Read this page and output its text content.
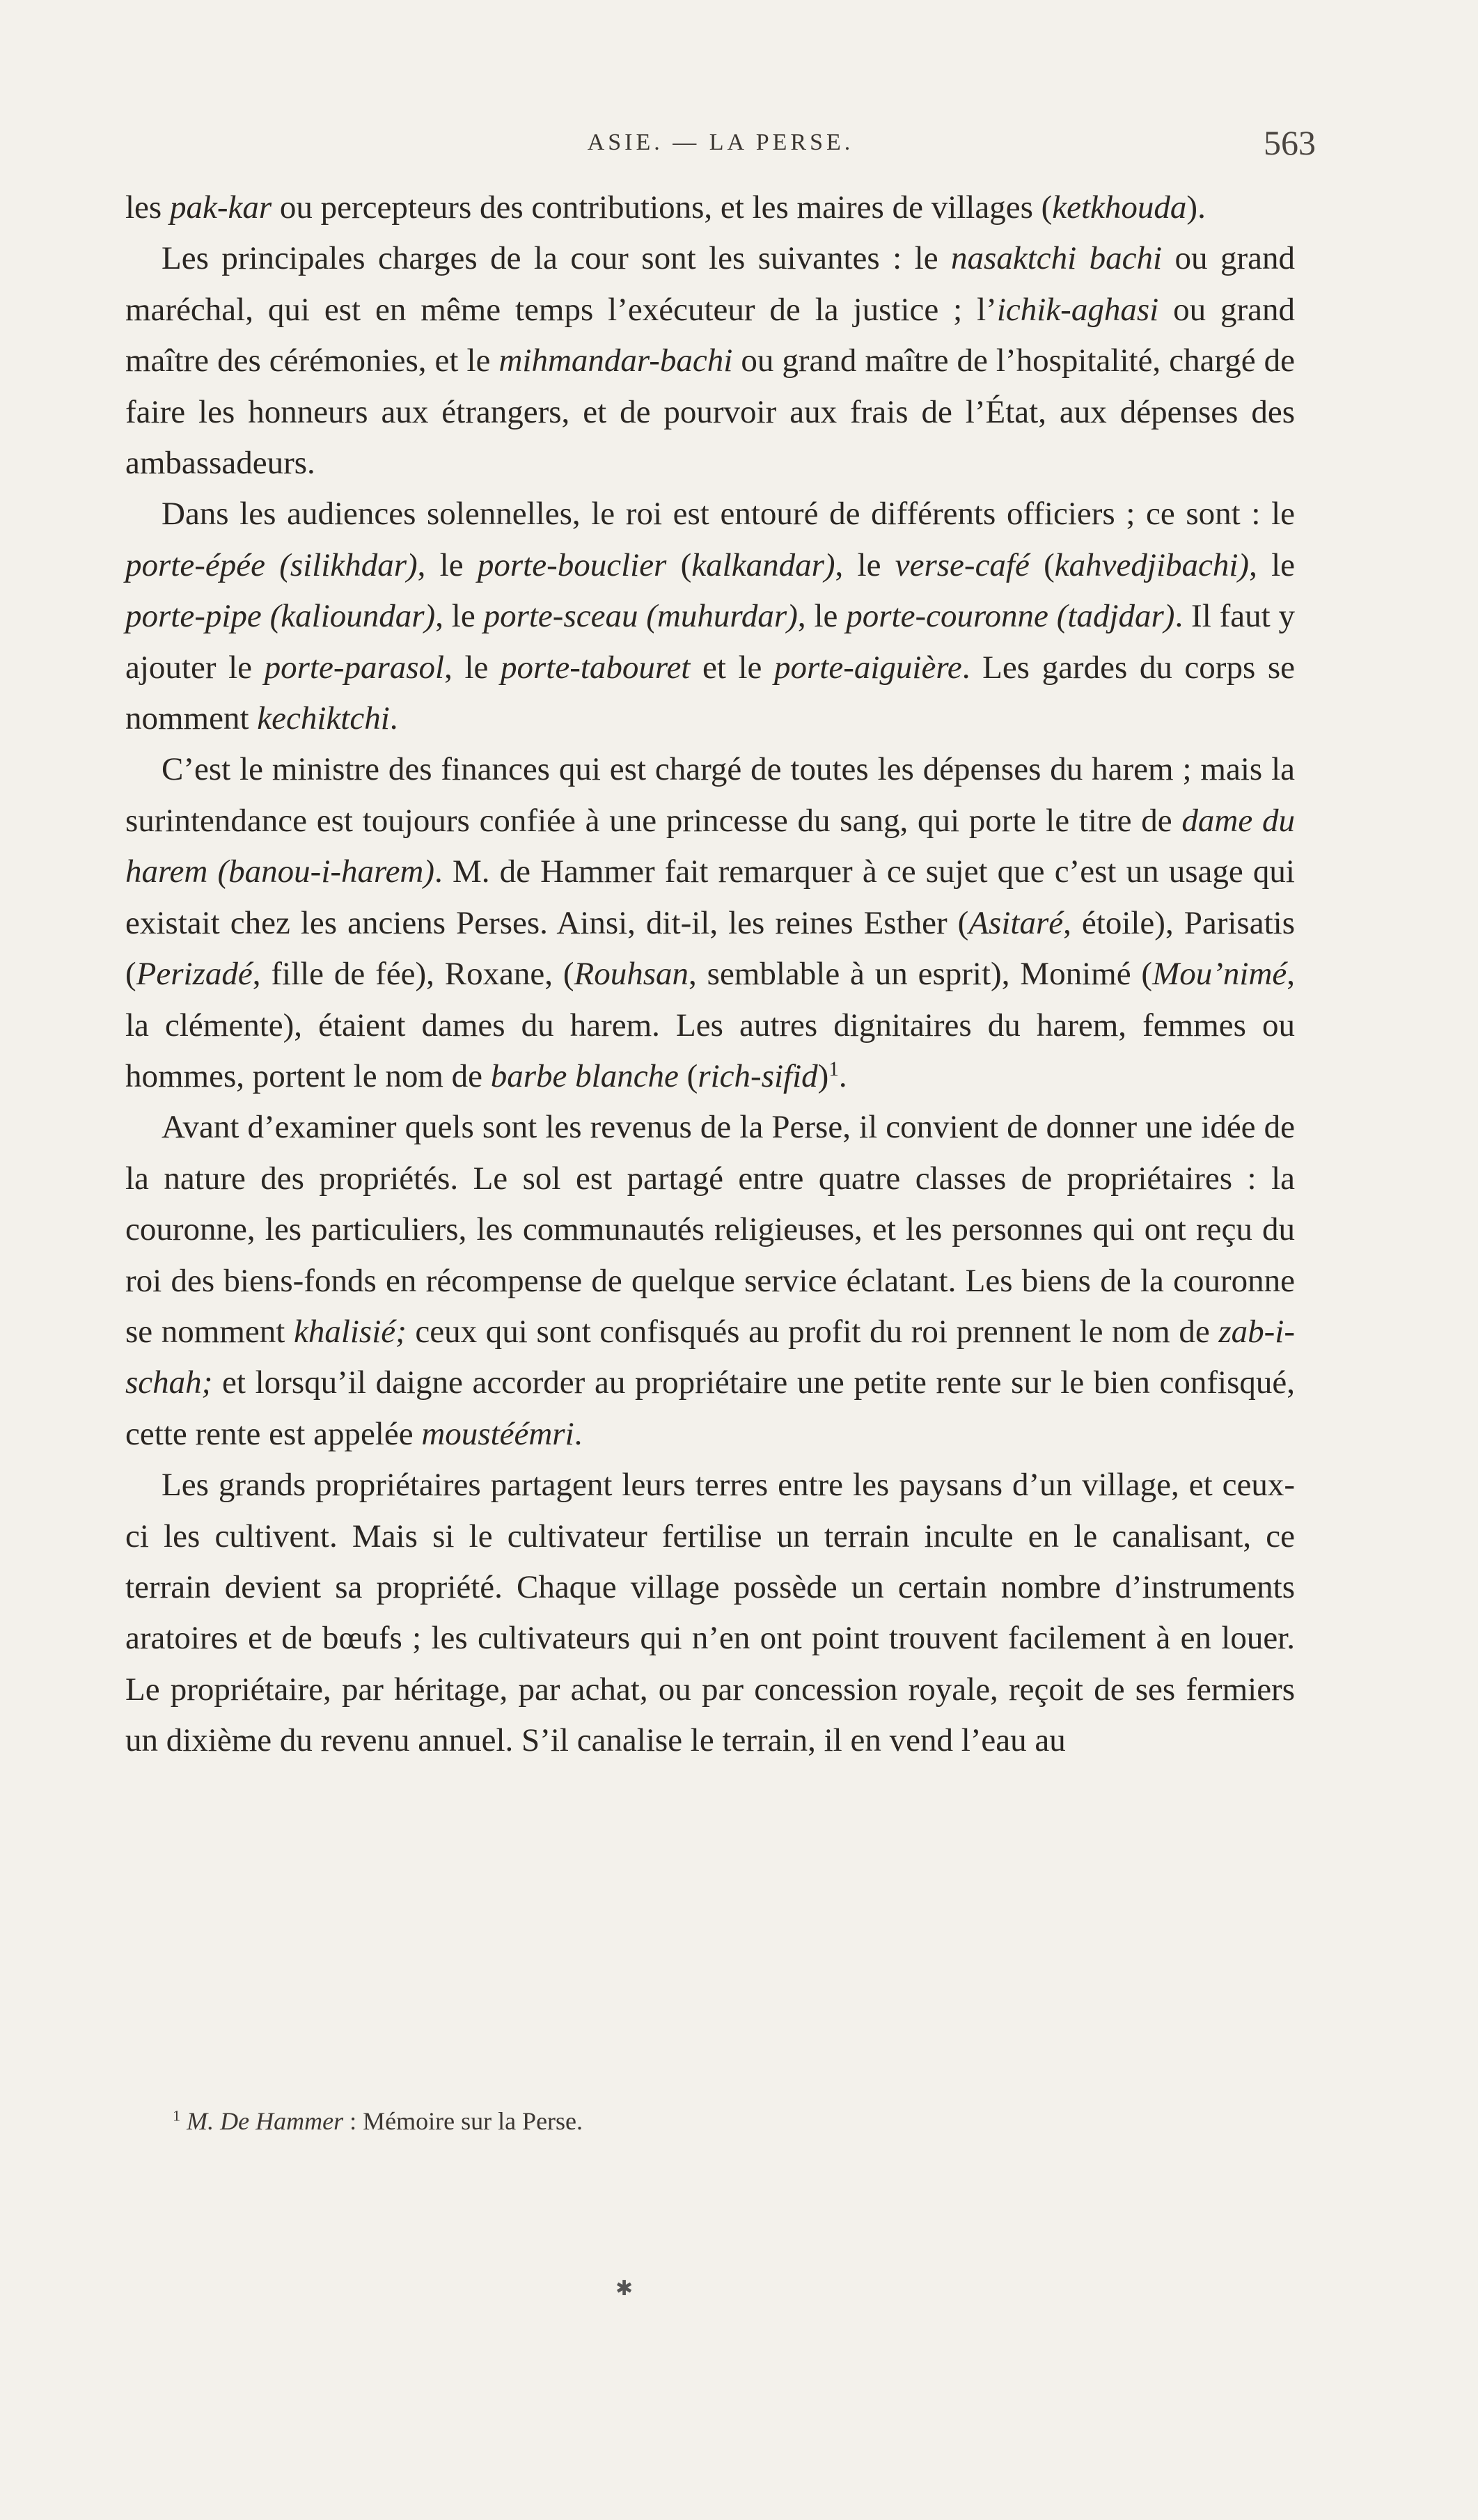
ASIE. — LA PERSE.	563

les pak-kar ou percepteurs des contributions, et les maires de villages (ketkhouda).

Les principales charges de la cour sont les suivantes : le nasaktchi bachi ou grand maréchal, qui est en même temps l’exécuteur de la justice ; l’ichik-aghasi ou grand maître des cérémonies, et le mihmandar-bachi ou grand maître de l’hospitalité, chargé de faire les honneurs aux étrangers, et de pourvoir aux frais de l’État, aux dépenses des ambassadeurs.

Dans les audiences solennelles, le roi est entouré de différents officiers ; ce sont : le porte-épée (silikhdar), le porte-bouclier (kalkandar), le verse-café (kahvedjibachi), le porte-pipe (kalioundar), le porte-sceau (muhurdar), le porte-couronne (tadjdar). Il faut y ajouter le porte-parasol, le porte-tabouret et le porte-aiguière. Les gardes du corps se nomment kechiktchi.

C’est le ministre des finances qui est chargé de toutes les dépenses du harem ; mais la surintendance est toujours confiée à une princesse du sang, qui porte le titre de dame du harem (banou-i-harem). M. de Hammer fait remarquer à ce sujet que c’est un usage qui existait chez les anciens Perses. Ainsi, dit-il, les reines Esther (Asitaré, étoile), Parisatis (Perizadé, fille de fée), Roxane, (Rouhsan, semblable à un esprit), Monimé (Mou’nimé, la clémente), étaient dames du harem. Les autres dignitaires du harem, femmes ou hommes, portent le nom de barbe blanche (rich-sifid)$^1$.

Avant d’examiner quels sont les revenus de la Perse, il convient de donner une idée de la nature des propriétés. Le sol est partagé entre quatre classes de propriétaires : la couronne, les particuliers, les communautés religieuses, et les personnes qui ont reçu du roi des biens-fonds en récompense de quelque service éclatant. Les biens de la couronne se nomment khalisié; ceux qui sont confisqués au profit du roi prennent le nom de zab-i-schah; et lorsqu’il daigne accorder au propriétaire une petite rente sur le bien confisqué, cette rente est appelée moustéémri.

Les grands propriétaires partagent leurs terres entre les paysans d’un village, et ceux-ci les cultivent. Mais si le cultivateur fertilise un terrain inculte en le canalisant, ce terrain devient sa propriété. Chaque village possède un certain nombre d’instruments aratoires et de bœufs ; les cultivateurs qui n’en ont point trouvent facilement à en louer. Le propriétaire, par héritage, par achat, ou par concession royale, reçoit de ses fermiers un dixième du revenu annuel. S’il canalise le terrain, il en vend l’eau au

$^1$ M. De Hammer : Mémoire sur la Perse.
✱
